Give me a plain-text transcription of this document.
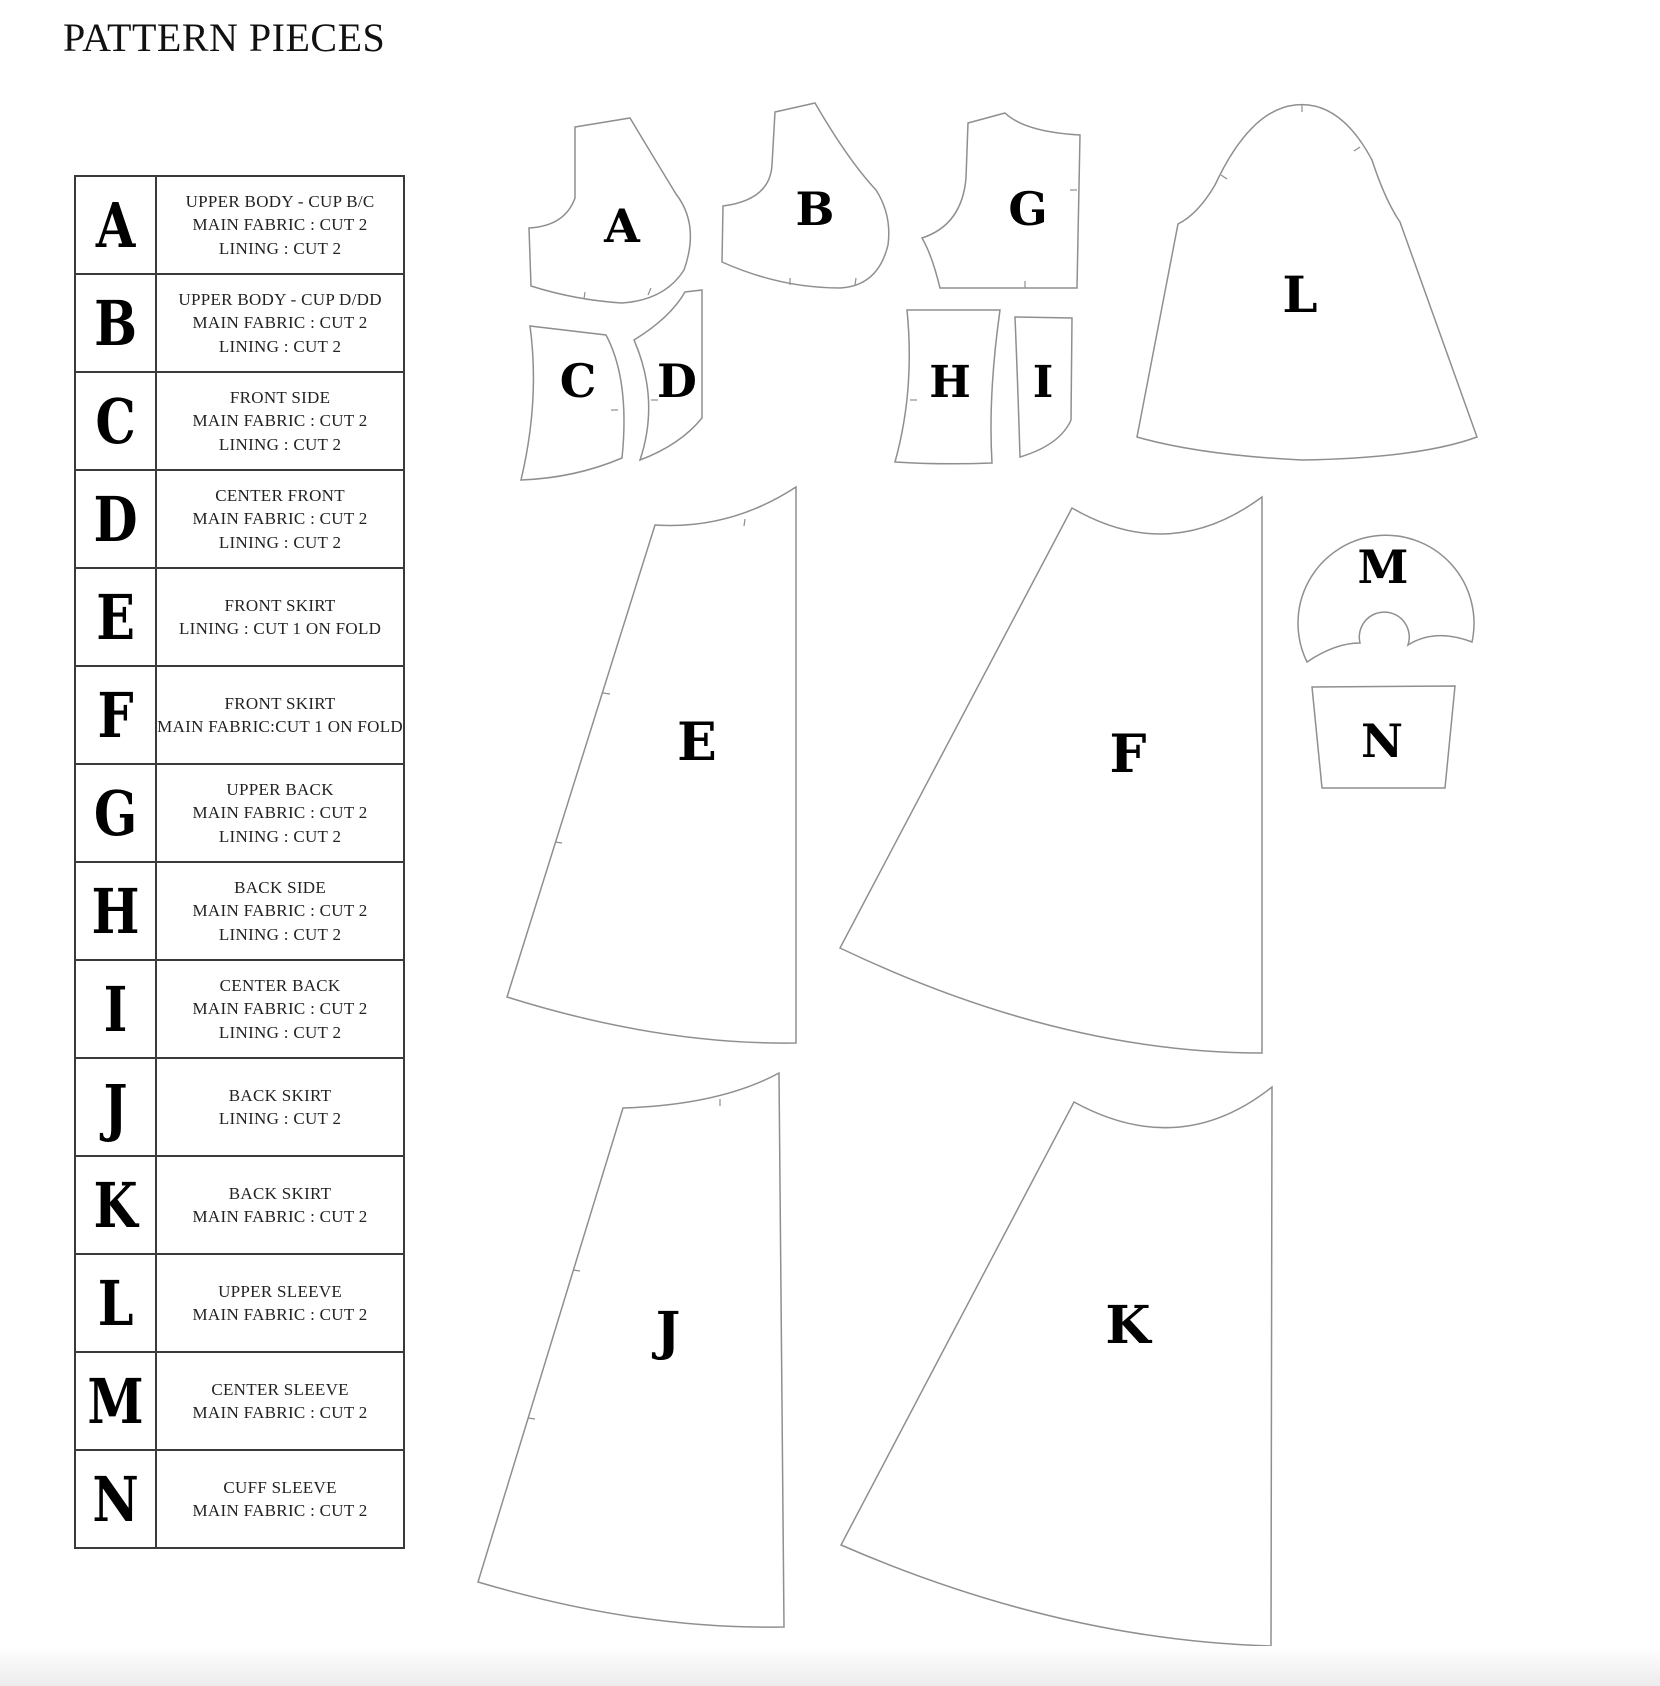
PATTERN PIECES
A	UPPER BODY - CUP B/C
MAIN FABRIC : CUT 2
LINING : CUT 2

B	UPPER BODY - CUP D/DD
MAIN FABRIC : CUT 2
LINING : CUT 2

C	FRONT SIDE
MAIN FABRIC : CUT 2
LINING : CUT 2

D	CENTER FRONT
MAIN FABRIC : CUT 2
LINING : CUT 2

E	FRONT SKIRT
LINING : CUT 1 ON FOLD

F	FRONT SKIRT
MAIN FABRIC:CUT 1 ON FOLD

G	UPPER BACK
MAIN FABRIC : CUT 2
LINING : CUT 2

H	BACK SIDE
MAIN FABRIC : CUT 2
LINING : CUT 2

I	CENTER BACK
MAIN FABRIC : CUT 2
LINING : CUT 2

J	BACK SKIRT
LINING : CUT 2

K	BACK SKIRT
MAIN FABRIC : CUT 2

L	UPPER SLEEVE
MAIN FABRIC : CUT 2

M	CENTER SLEEVE
MAIN FABRIC : CUT 2

N	CUFF SLEEVE
MAIN FABRIC : CUT 2
A	B	G
L
C D	H I
M
N
E	F
J	K
